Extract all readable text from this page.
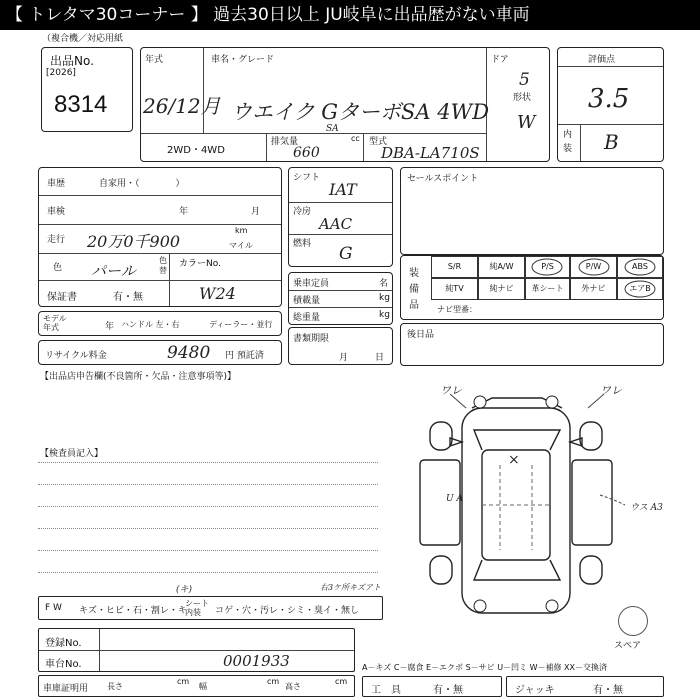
【 トレタマ30コーナー 】 過去30日以上 JU岐阜に出品歴がない車両
（複合機／対応用紙
出品No.
[2026]
8314
年式
26/12月
車名・グレード
ウエイク GターボSA 4WD
SA
ドア
5
形状
W
2WD・4WD
排気量
660
cc 型式
DBA-LA710S
評価点
3.5
内装 B
車歴	自家用・（　　　　）
車検	年	月
走行 20万0千900
km
マイル
色 パール
色替
カラーNo.
保証書	有・無	W24
モデル年式	年 ハンドル 左・右	ディーラー・並行
リサイクル料金	9480 円 預託済
シフト
IAT
冷房
AAC
燃料 G
乗車定員	名
積載量	kg
総重量	kg
書類期限
月	日
セールスポイント
装備品
S/R	純A/W	P/S	P/W	ABS
純TV	純ナビ	革シート	外ナビ	エアB
ナビ型番：
後日品
【出品店申告欄(不良箇所・欠品・注意事項等)】
【検査員記入】
ワレ	ワレ
×
U A
ウス A3
スペア
F W キズ・ヒビ・石・割レ・キ
シート内装	コゲ・穴・汚レ・シミ・臭イ・無し
(キ)	右3ケ所キズアト
登録No.
車台No.	0001933
車庫証明用 長さ
cm
幅
cm
高さ
cm
A－キズ C－腐食 E－エクボ S－サビ U－凹ミ W－補修 XX－交換済
工　具	有・無	ジャッキ	有・無
